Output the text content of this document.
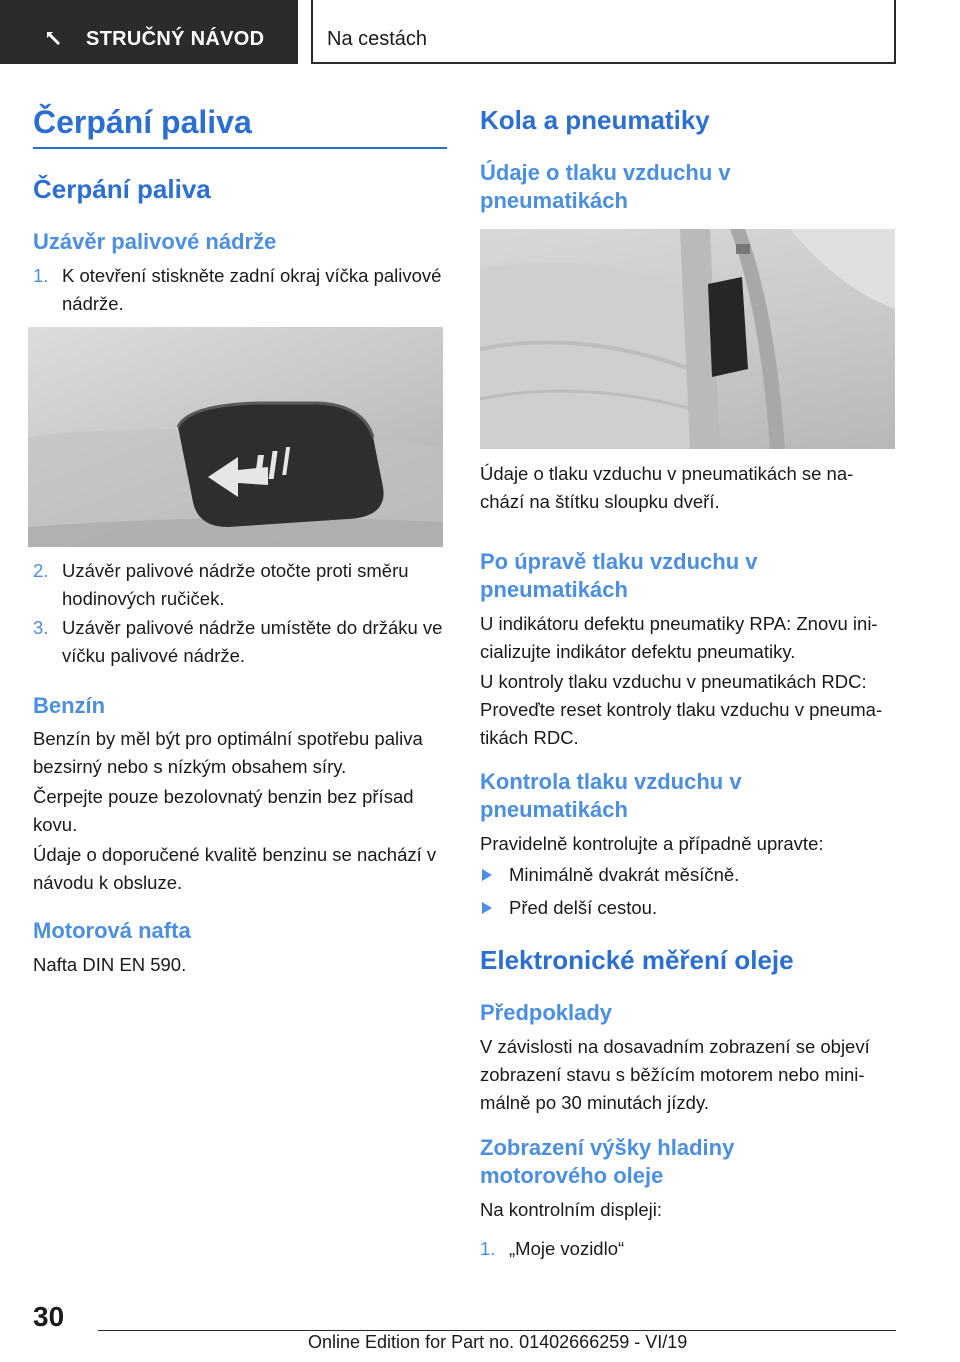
STRUČNÝ NÁVOD	Na cestách
Čerpání paliva
Čerpání paliva
Uzávěr palivové nádrže
1. K otevření stiskněte zadní okraj víčka palivové
nádrže.
2. Uzávěr palivové nádrže otočte proti směru
hodinových ručiček.
3. Uzávěr palivové nádrže umístěte do držáku ve
víčku palivové nádrže.
Benzín
Benzín by měl být pro optimální spotřebu paliva
bezsirný nebo s nízkým obsahem síry.
Čerpejte pouze bezolovnatý benzin bez přísad
kovu.
Údaje o doporučené kvalitě benzinu se nachází v
návodu k obsluze.
Motorová nafta
Nafta DIN EN 590.
Kola a pneumatiky
Údaje o tlaku vzduchu v
pneumatikách
Údaje o tlaku vzduchu v pneumatikách se na-
chází na štítku sloupku dveří.
Po úpravě tlaku vzduchu v
pneumatikách
U indikátoru defektu pneumatiky RPA: Znovu ini-
cializujte indikátor defektu pneumatiky.
U kontroly tlaku vzduchu v pneumatikách RDC:
Proveďte reset kontroly tlaku vzduchu v pneuma-
tikách RDC.
Kontrola tlaku vzduchu v
pneumatikách
Pravidelně kontrolujte a případně upravte:
Minimálně dvakrát měsíčně.
Před delší cestou.
Elektronické měření oleje
Předpoklady
V závislosti na dosavadním zobrazení se objeví
zobrazení stavu s běžícím motorem nebo mini-
málně po 30 minutách jízdy.
Zobrazení výšky hladiny
motorového oleje
Na kontrolním displeji:
1. „Moje vozidlo“
30
Online Edition for Part no. 01402666259 - VI/19
